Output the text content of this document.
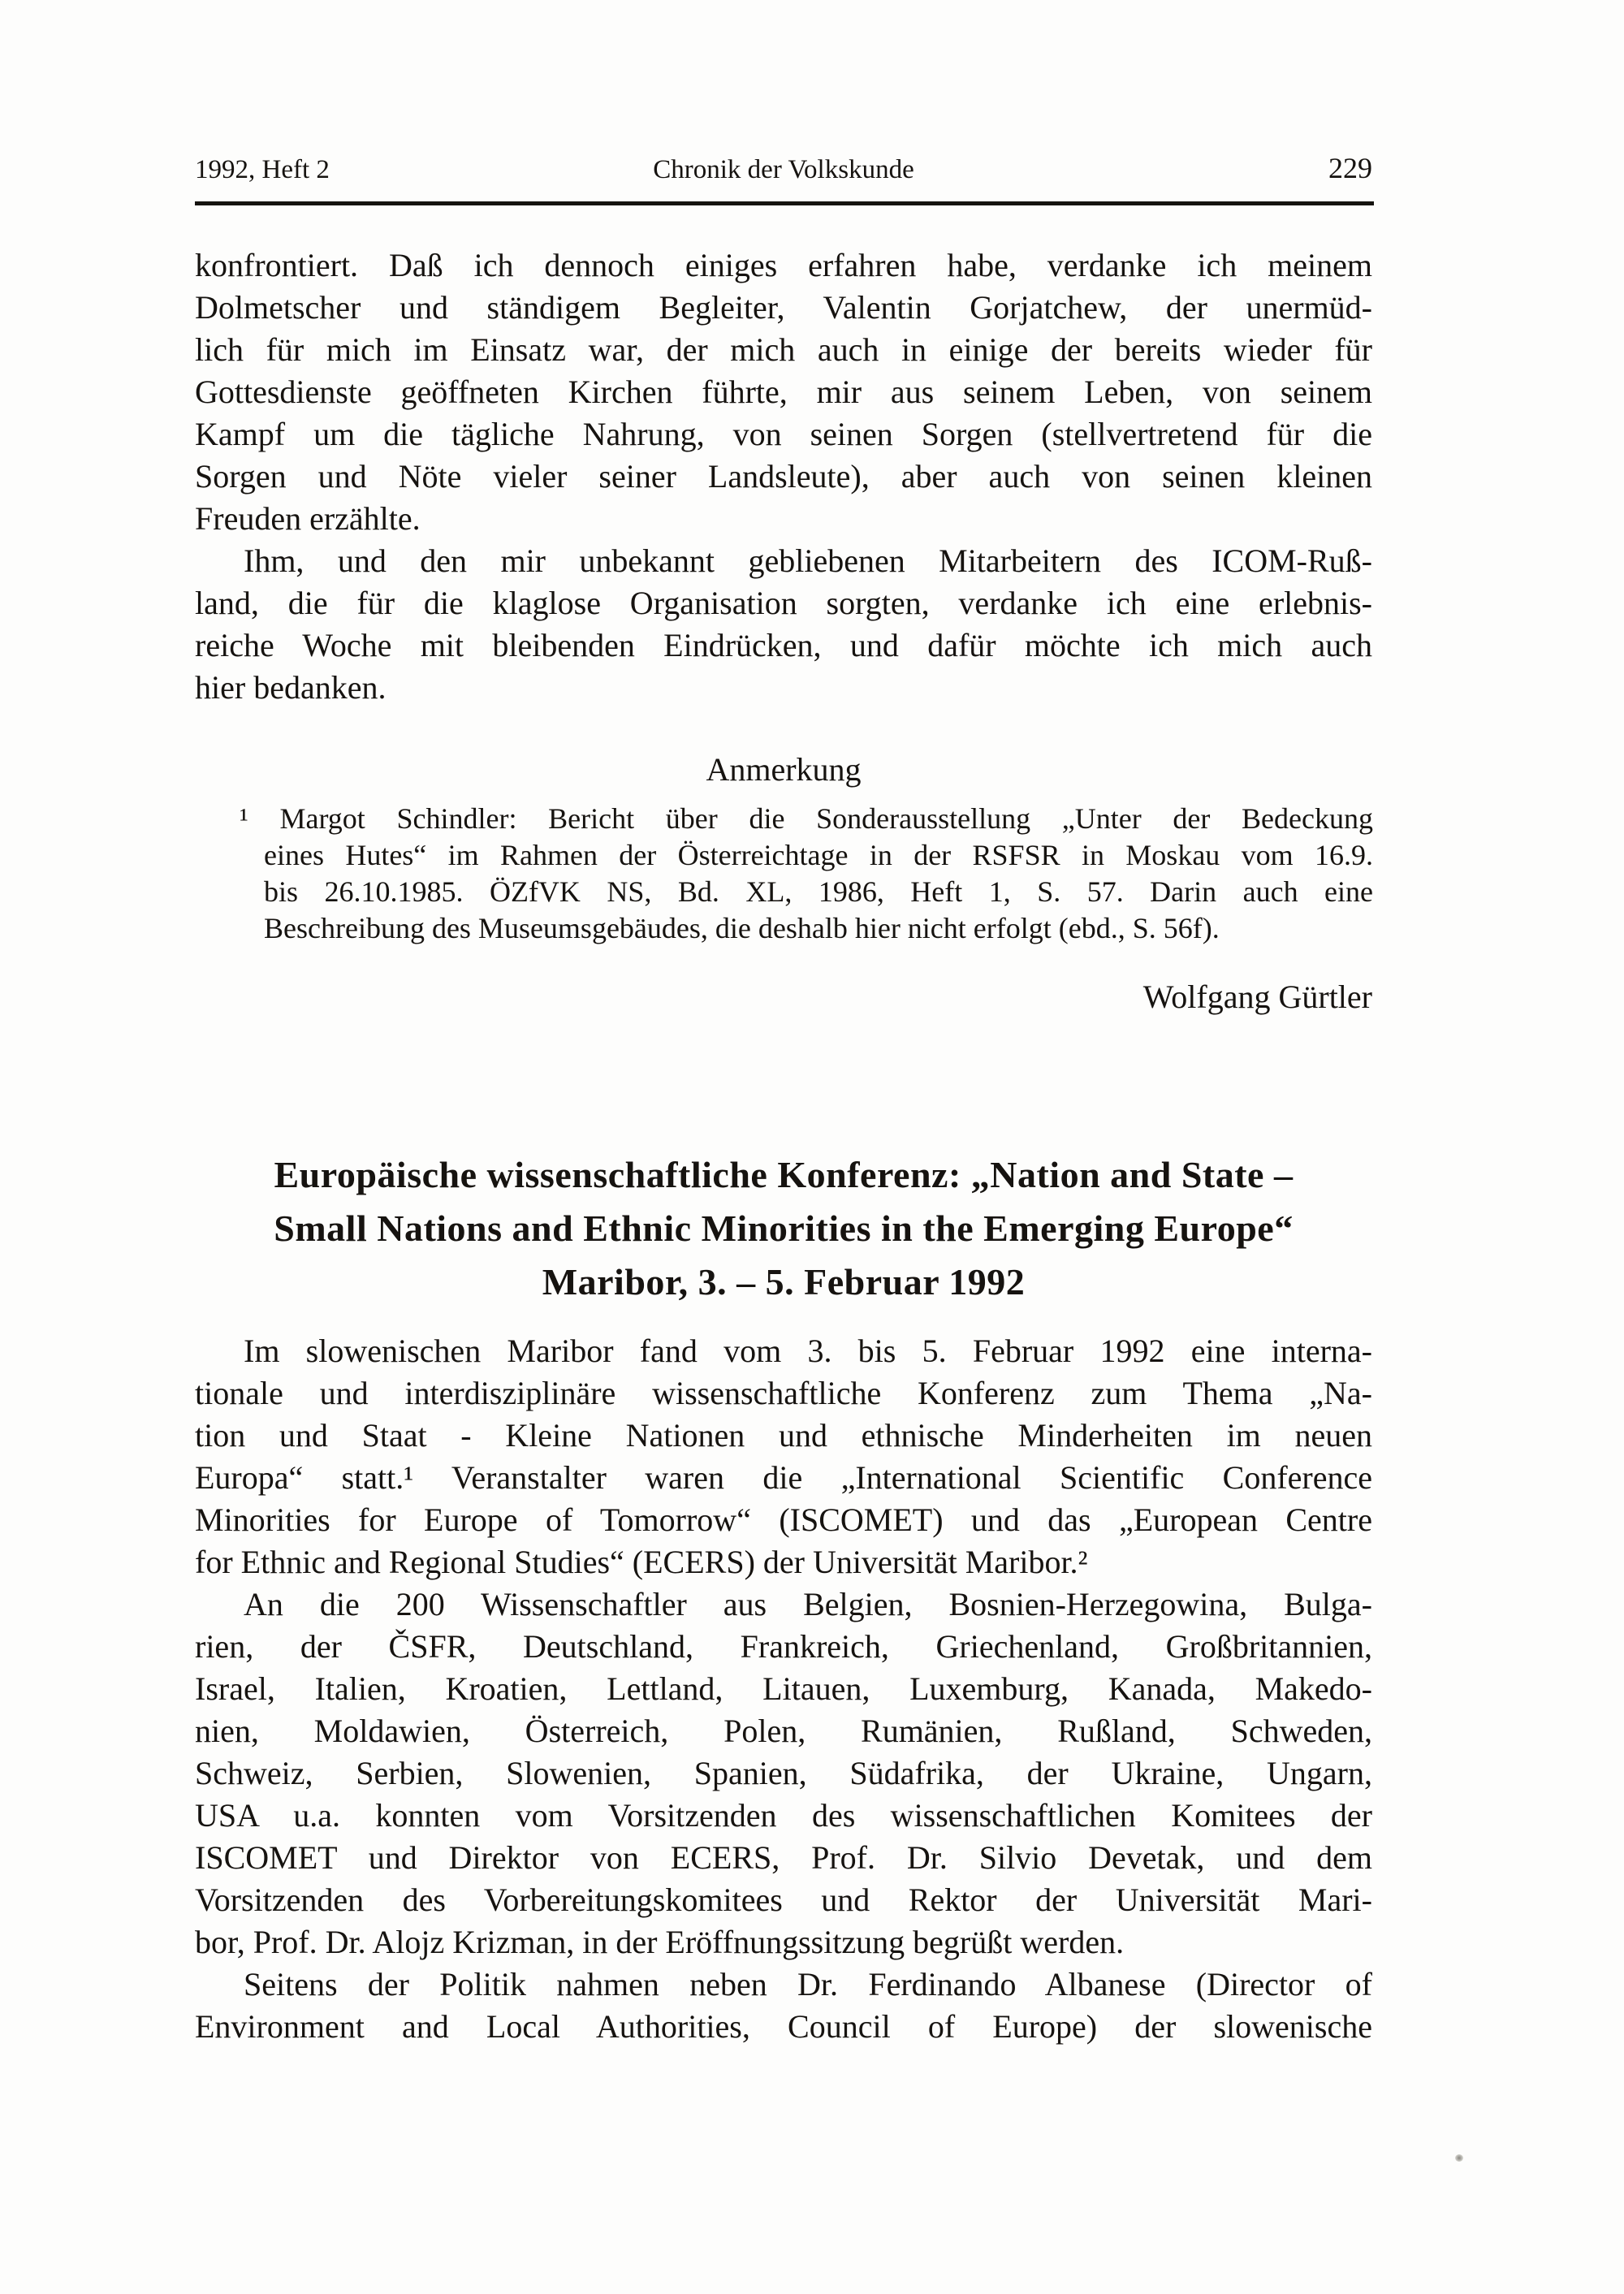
1992, Heft 2	Chronik der Volkskunde	229
konfrontiert. Daß ich dennoch einiges erfahren habe, verdanke ich meinem
Dolmetscher und ständigem Begleiter, Valentin Gorjatchew, der unermüd-
lich für mich im Einsatz war, der mich auch in einige der bereits wieder für
Gottesdienste geöffneten Kirchen führte, mir aus seinem Leben, von seinem
Kampf um die tägliche Nahrung, von seinen Sorgen (stellvertretend für die
Sorgen und Nöte vieler seiner Landsleute), aber auch von seinen kleinen
Freuden erzählte.
Ihm, und den mir unbekannt gebliebenen Mitarbeitern des ICOM-Ruß-
land, die für die klaglose Organisation sorgten, verdanke ich eine erlebnis-
reiche Woche mit bleibenden Eindrücken, und dafür möchte ich mich auch
hier bedanken.
Anmerkung
¹ Margot Schindler: Bericht über die Sonderausstellung „Unter der Bedeckung
eines Hutes“ im Rahmen der Österreichtage in der RSFSR in Moskau vom 16.9.
bis 26.10.1985. ÖZfVK NS, Bd. XL, 1986, Heft 1, S. 57. Darin auch eine
Beschreibung des Museumsgebäudes, die deshalb hier nicht erfolgt (ebd., S. 56f).
Wolfgang Gürtler
Europäische wissenschaftliche Konferenz: „Nation and State –
Small Nations and Ethnic Minorities in the Emerging Europe“
Maribor, 3. – 5. Februar 1992
Im slowenischen Maribor fand vom 3. bis 5. Februar 1992 eine interna-
tionale und interdisziplinäre wissenschaftliche Konferenz zum Thema „Na-
tion und Staat - Kleine Nationen und ethnische Minderheiten im neuen
Europa“ statt.¹ Veranstalter waren die „International Scientific Conference
Minorities for Europe of Tomorrow“ (ISCOMET) und das „European Centre
for Ethnic and Regional Studies“ (ECERS) der Universität Maribor.²
An die 200 Wissenschaftler aus Belgien, Bosnien-Herzegowina, Bulga-
rien, der ČSFR, Deutschland, Frankreich, Griechenland, Großbritannien,
Israel, Italien, Kroatien, Lettland, Litauen, Luxemburg, Kanada, Makedo-
nien, Moldawien, Österreich, Polen, Rumänien, Rußland, Schweden,
Schweiz, Serbien, Slowenien, Spanien, Südafrika, der Ukraine, Ungarn,
USA u.a. konnten vom Vorsitzenden des wissenschaftlichen Komitees der
ISCOMET und Direktor von ECERS, Prof. Dr. Silvio Devetak, und dem
Vorsitzenden des Vorbereitungskomitees und Rektor der Universität Mari-
bor, Prof. Dr. Alojz Krizman, in der Eröffnungssitzung begrüßt werden.
Seitens der Politik nahmen neben Dr. Ferdinando Albanese (Director of
Environment and Local Authorities, Council of Europe) der slowenische
